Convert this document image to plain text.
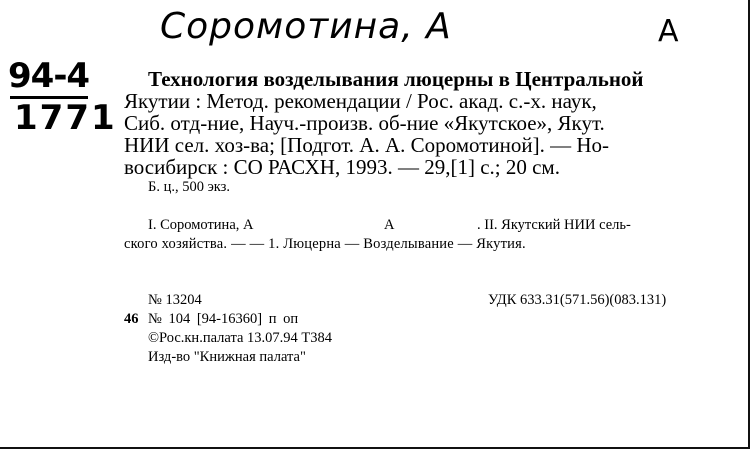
Соромотина, А	А
94-4
1771
Технология возделывания люцерны в Центральной
Якутии : Метод. рекомендации / Рос. акад. с.-х. наук,
Сиб. отд-ние, Науч.-произв. об-ние «Якутское», Якут.
НИИ сел. хоз-ва; [Подгот. А. А. Соромотиной]. — Но-
восибирск : СО РАСХН, 1993. — 29,[1] с.; 20 см.
Б. ц., 500 экз.
I. Соромотина, А	А	. II. Якутский НИИ сель-
ского хозяйства. — — 1. Люцерна — Возделывание — Якутия.
№ 13204	УДК 633.31(571.56)(083.131)
46 № 104 [94-16360] п оп
©Рос.кн.палата 13.07.94 Т384
Изд-во "Книжная палата"
